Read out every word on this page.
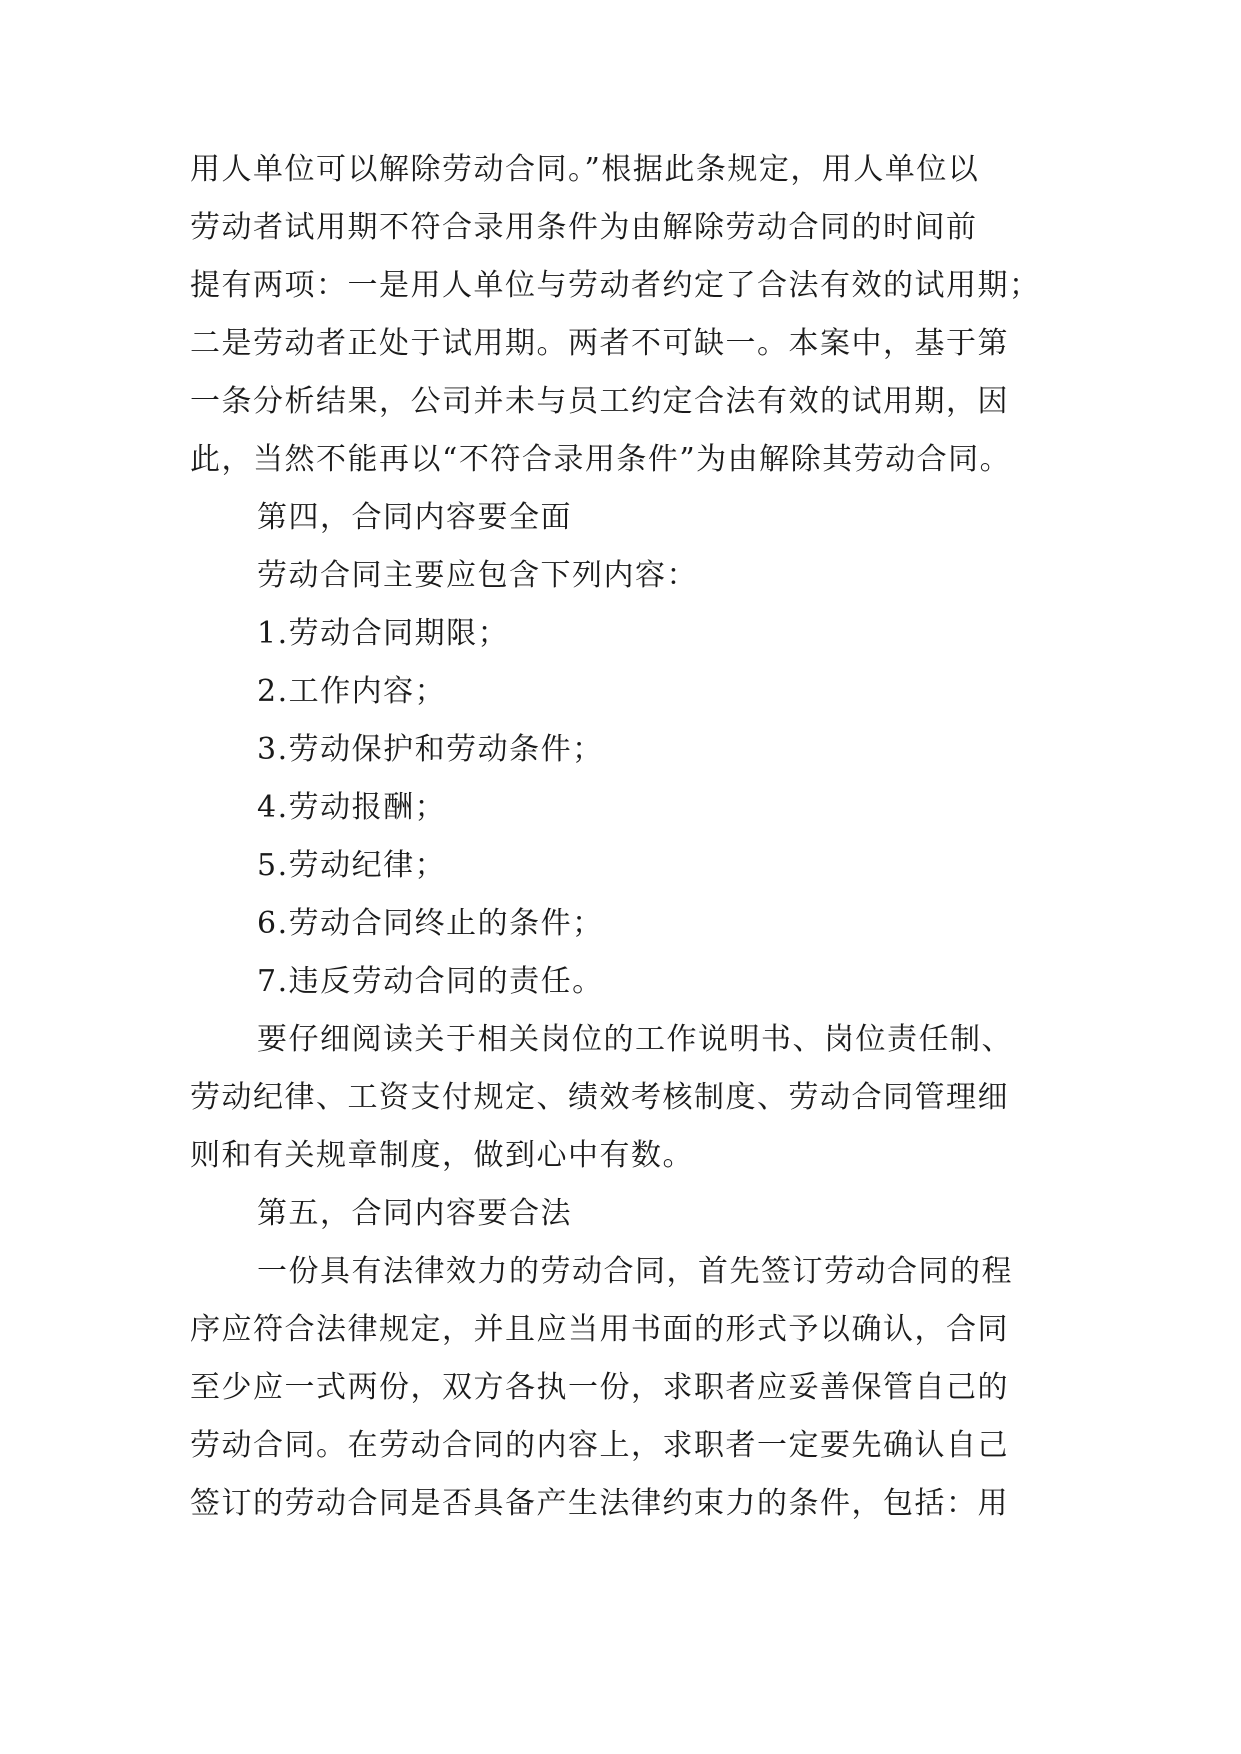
用人单位可以解除劳动合同。”根据此条规定，用人单位以
劳动者试用期不符合录用条件为由解除劳动合同的时间前
提有两项：一是用人单位与劳动者约定了合法有效的试用期；
二是劳动者正处于试用期。两者不可缺一。本案中，基于第
一条分析结果，公司并未与员工约定合法有效的试用期，因
此，当然不能再以“不符合录用条件”为由解除其劳动合同。
第四，合同内容要全面
劳动合同主要应包含下列内容：
1.劳动合同期限；
2.工作内容；
3.劳动保护和劳动条件；
4.劳动报酬；
5.劳动纪律；
6.劳动合同终止的条件；
7.违反劳动合同的责任。
要仔细阅读关于相关岗位的工作说明书、岗位责任制、
劳动纪律、工资支付规定、绩效考核制度、劳动合同管理细
则和有关规章制度，做到心中有数。
第五，合同内容要合法
一份具有法律效力的劳动合同，首先签订劳动合同的程
序应符合法律规定，并且应当用书面的形式予以确认，合同
至少应一式两份，双方各执一份，求职者应妥善保管自己的
劳动合同。在劳动合同的内容上，求职者一定要先确认自己
签订的劳动合同是否具备产生法律约束力的条件，包括：用
